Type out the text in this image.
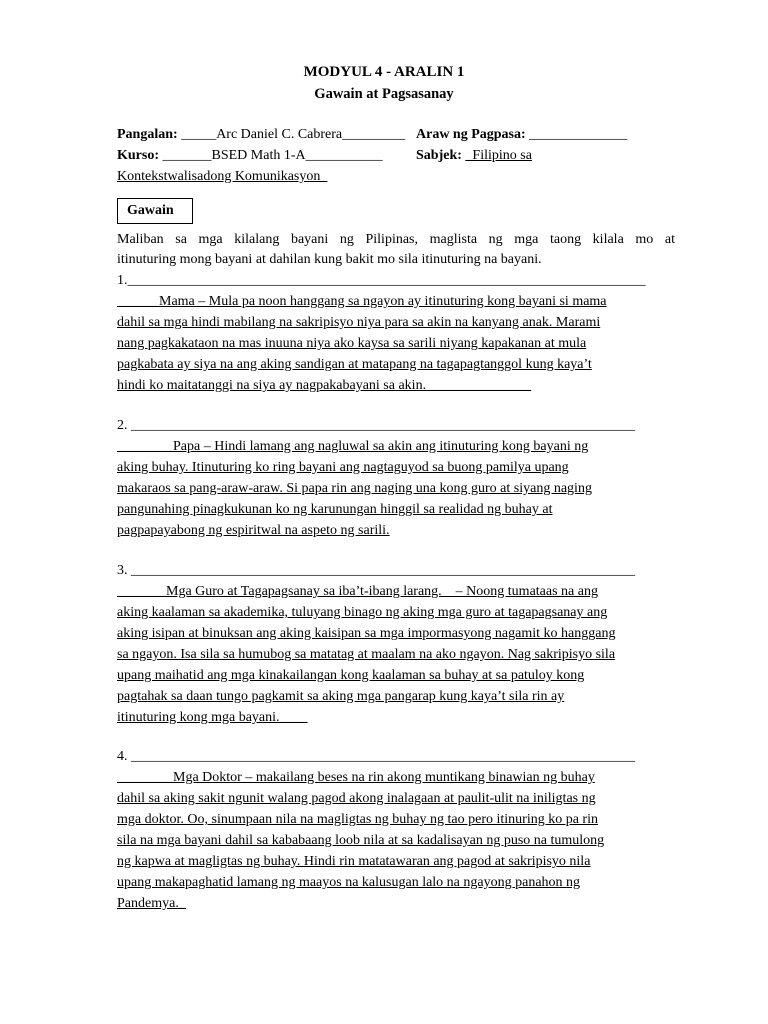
MODYUL 4 - ARALIN 1
Gawain at Pagsasanay
Pangalan: _____Arc Daniel C. Cabrera_________ Araw ng Pagpasa: ______________
Kurso: _______BSED Math 1-A___________ Sabjek: _Filipino sa
Kontekstwalisadong Komunikasyon_
Gawain
Maliban sa mga kilalang bayani ng Pilipinas, maglista ng mga taong kilala mo at
itinuturing mong bayani at dahilan kung bakit mo sila itinuturing na bayani.
1.__________________________________________________________________________
______Mama – Mula pa noon hanggang sa ngayon ay itinuturing kong bayani si mama
dahil sa mga hindi mabilang na sakripisyo niya para sa akin na kanyang anak. Marami
nang pagkakataon na mas inuuna niya ako kaysa sa sarili niyang kapakanan at mula
pagkabata ay siya na ang aking sandigan at matapang na tagapagtanggol kung kaya’t
hindi ko maitatanggi na siya ay nagpakabayani sa akin._______________
2. ________________________________________________________________________
________Papa – Hindi lamang ang nagluwal sa akin ang itinuturing kong bayani ng
aking buhay. Itinuturing ko ring bayani ang nagtaguyod sa buong pamilya upang
makaraos sa pang-araw-araw. Si papa rin ang naging una kong guro at siyang naging
pangunahing pinagkukunan ko ng karunungan hinggil sa realidad ng buhay at
pagpapayabong ng espiritwal na aspeto ng sarili.
3. ________________________________________________________________________
_______Mga Guro at Tagapagsanay sa iba’t-ibang larang.    – Noong tumataas na ang
aking kaalaman sa akademika, tuluyang binago ng aking mga guro at tagapagsanay ang
aking isipan at binuksan ang aking kaisipan sa mga impormasyong nagamit ko hanggang
sa ngayon. Isa sila sa humubog sa matatag at maalam na ako ngayon. Nag sakripisyo sila
upang maihatid ang mga kinakailangan kong kaalaman sa buhay at sa patuloy kong
pagtahak sa daan tungo pagkamit sa aking mga pangarap kung kaya’t sila rin ay
itinuturing kong mga bayani.____
4. ________________________________________________________________________
________Mga Doktor – makailang beses na rin akong muntikang binawian ng buhay
dahil sa aking sakit ngunit walang pagod akong inalagaan at paulit-ulit na iniligtas ng
mga doktor. Oo, sinumpaan nila na magligtas ng buhay ng tao pero itinuring ko pa rin
sila na mga bayani dahil sa kababaang loob nila at sa kadalisayan ng puso na tumulong
ng kapwa at magligtas ng buhay. Hindi rin matatawaran ang pagod at sakripisyo nila
upang makapaghatid lamang ng maayos na kalusugan lalo na ngayong panahon ng
Pandemya._
